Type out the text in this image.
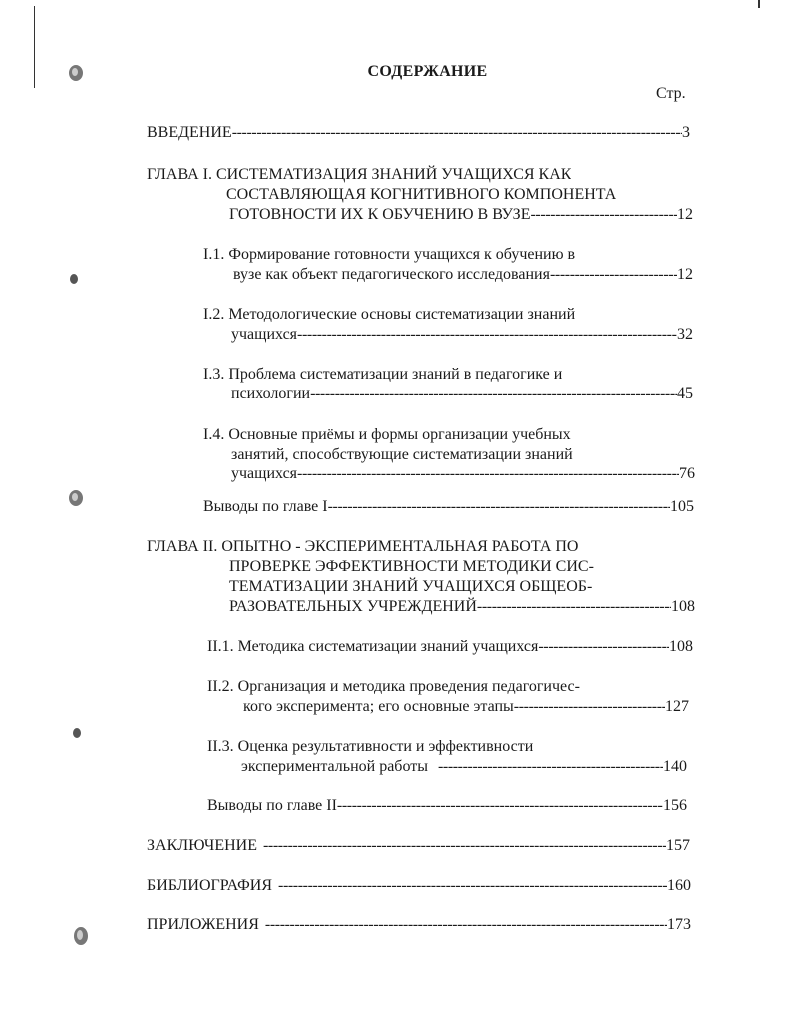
СОДЕРЖАНИЕ
Стр.
ВВЕДЕНИЕ -----	3
ГЛАВА I. СИСТЕМАТИЗАЦИЯ ЗНАНИЙ УЧАЩИХСЯ КАК
СОСТАВЛЯЮЩАЯ КОГНИТИВНОГО КОМПОНЕНТА
ГОТОВНОСТИ ИХ К ОБУЧЕНИЮ В ВУЗЕ -----	12
I.1. Формирование готовности учащихся к обучению в
вузе как объект педагогического исследования -----	12
I.2. Методологические основы систематизации знаний
учащихся -----	32
I.3. Проблема систематизации знаний в педагогике и
психологии -----	45
I.4. Основные приёмы и формы организации учебных
занятий, способствующие систематизации знаний
учащихся -----	76
Выводы по главе I -----	105
ГЛАВА II. ОПЫТНО - ЭКСПЕРИМЕНТАЛЬНАЯ РАБОТА ПО
ПРОВЕРКЕ ЭФФЕКТИВНОСТИ МЕТОДИКИ СИС-
ТЕМАТИЗАЦИИ ЗНАНИЙ УЧАЩИХСЯ ОБЩЕОБ-
РАЗОВАТЕЛЬНЫХ УЧРЕЖДЕНИЙ -----	108
II.1. Методика систематизации знаний учащихся -----	108
II.2. Организация и методика проведения педагогичес-
кого эксперимента; его основные этапы -----	127
II.3. Оценка результативности и эффективности
экспериментальной работы -----	140
Выводы по главе II -----	156
ЗАКЛЮЧЕНИЕ -----	157
БИБЛИОГРАФИЯ -----	160
ПРИЛОЖЕНИЯ -----	173
